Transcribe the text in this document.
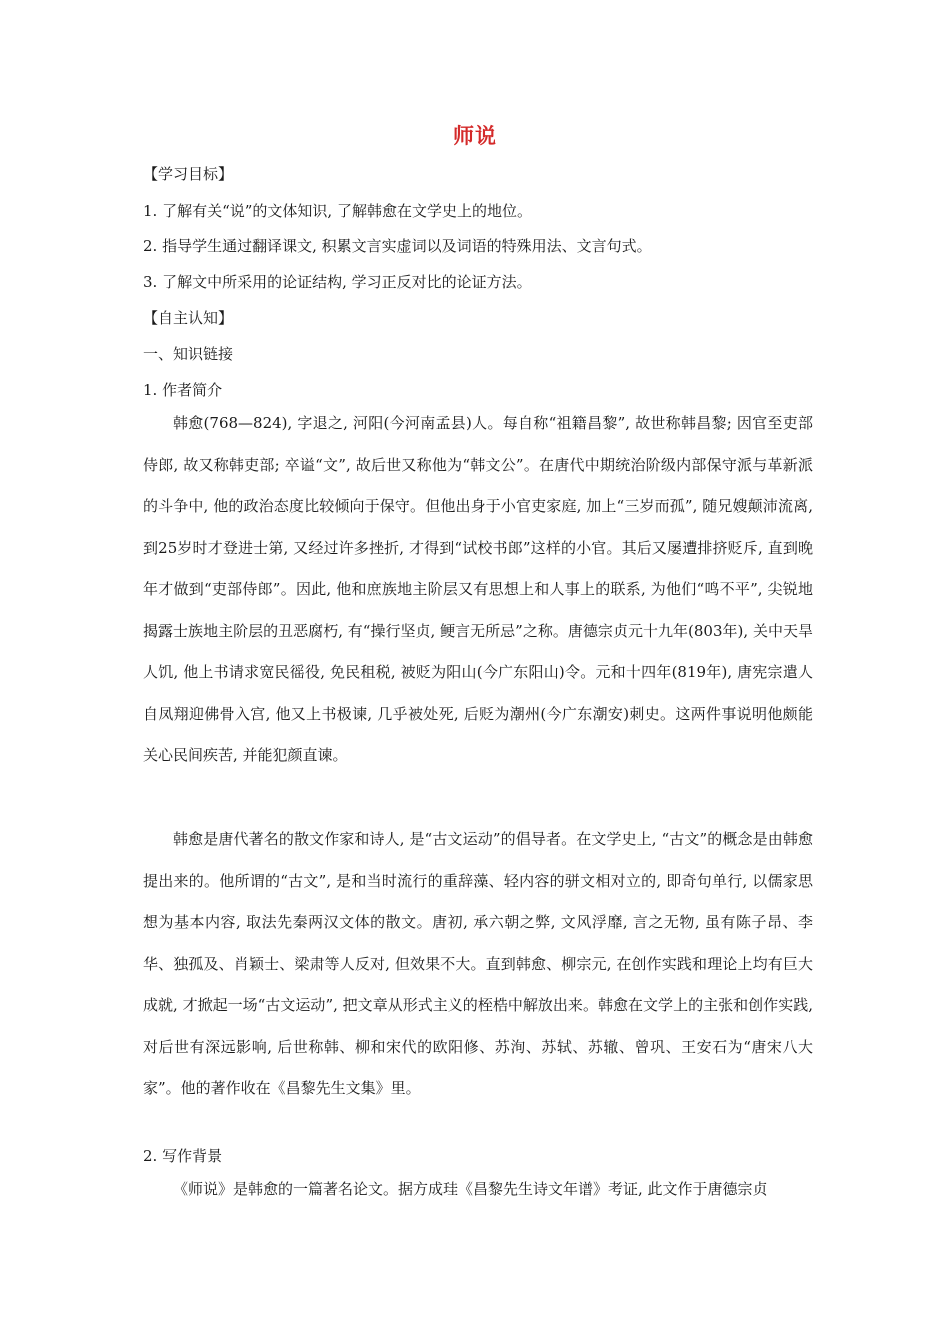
师说
【学习目标】
1. 了解有关“说”的文体知识, 了解韩愈在文学史上的地位。
2. 指导学生通过翻译课文, 积累文言实虚词以及词语的特殊用法、文言句式。
3. 了解文中所采用的论证结构, 学习正反对比的论证方法。
【自主认知】
一、知识链接
1. 作者简介

韩愈(768—824), 字退之, 河阳(今河南孟县)人。每自称“祖籍昌黎”, 故世称韩昌黎; 因官至吏部侍郎, 故又称韩吏部; 卒谥“文”, 故后世又称他为“韩文公”。在唐代中期统治阶级内部保守派与革新派的斗争中, 他的政治态度比较倾向于保守。但他出身于小官吏家庭, 加上“三岁而孤”, 随兄嫂颠沛流离, 到25岁时才登进士第, 又经过许多挫折, 才得到“试校书郎”这样的小官。其后又屡遭排挤贬斥, 直到晚年才做到“吏部侍郎”。因此, 他和庶族地主阶层又有思想上和人事上的联系, 为他们“鸣不平”, 尖锐地揭露士族地主阶层的丑恶腐朽, 有“操行坚贞, 鲠言无所忌”之称。唐德宗贞元十九年(803年), 关中天旱人饥, 他上书请求宽民徭役, 免民租税, 被贬为阳山(今广东阳山)令。元和十四年(819年), 唐宪宗遣人自凤翔迎佛骨入宫, 他又上书极谏, 几乎被处死, 后贬为潮州(今广东潮安)刺史。这两件事说明他颇能关心民间疾苦, 并能犯颜直谏。

韩愈是唐代著名的散文作家和诗人, 是“古文运动”的倡导者。在文学史上, “古文”的概念是由韩愈提出来的。他所谓的“古文”, 是和当时流行的重辞藻、轻内容的骈文相对立的, 即奇句单行, 以儒家思想为基本内容, 取法先秦两汉文体的散文。唐初, 承六朝之弊, 文风浮靡, 言之无物, 虽有陈子昂、李华、独孤及、肖颖士、梁肃等人反对, 但效果不大。直到韩愈、柳宗元, 在创作实践和理论上均有巨大成就, 才掀起一场“古文运动”, 把文章从形式主义的桎梏中解放出来。韩愈在文学上的主张和创作实践, 对后世有深远影响, 后世称韩、柳和宋代的欧阳修、苏洵、苏轼、苏辙、曾巩、王安石为“唐宋八大家”。他的著作收在《昌黎先生文集》里。

2. 写作背景

《师说》是韩愈的一篇著名论文。据方成珪《昌黎先生诗文年谱》考证, 此文作于唐德宗贞
